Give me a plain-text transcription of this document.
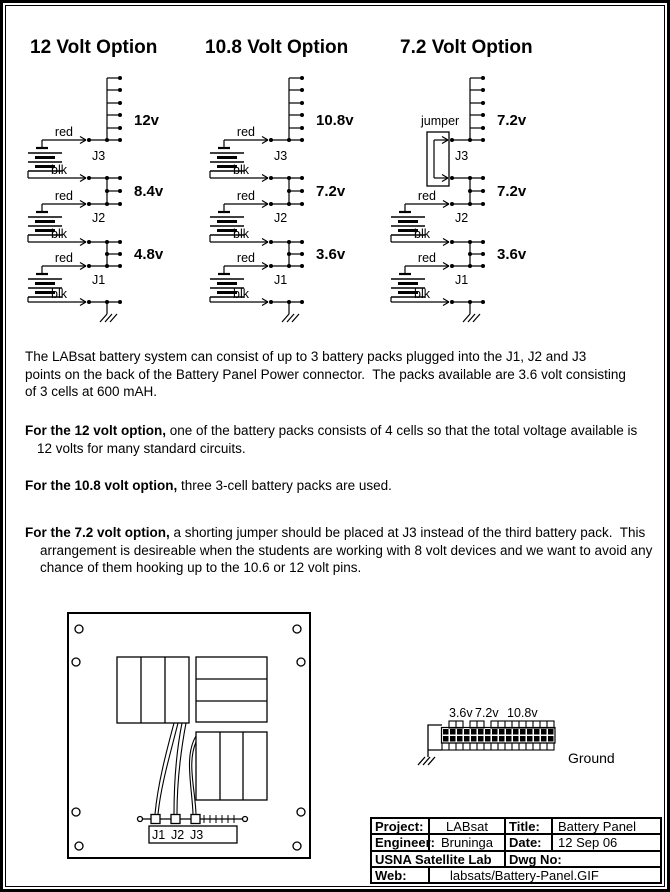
12 Volt Option	10.8 Volt Option	7.2 Volt Option
12v
8.4v
4.8v
J3
J2
J1
red
blk
red
blk
red
blk
10.8v
7.2v
3.6v
J3
J2
J1
red
blk
red
blk
red
blk
7.2v
7.2v
3.6v
J3
J2
J1
jumper
red
blk
red
blk
The LABsat battery system can consist of up to 3 battery packs plugged into the J1, J2 and J3
points on the back of the Battery Panel Power connector.  The packs available are 3.6 volt consisting
of 3 cells at 600 mAH.
For the 12 volt option, one of the battery packs consists of 4 cells so that the total voltage available is
12 volts for many standard circuits.
For the 10.8 volt option, three 3-cell battery packs are used.
For the 7.2 volt option, a shorting jumper should be placed at J3 instead of the third battery pack.  This
arrangement is desireable when the students are working with 8 volt devices and we want to avoid any
chance of them hooking up to the 10.6 or 12 volt pins.
J1 J2 J3
3.6v 7.2v 10.8v
Ground
Project:	LABsat	Title:	Battery Panel
Engineer: Bruninga	Date:	12 Sep 06
USNA Satellite Lab	Dwg No:
Web:	labsats/Battery-Panel.GIF
